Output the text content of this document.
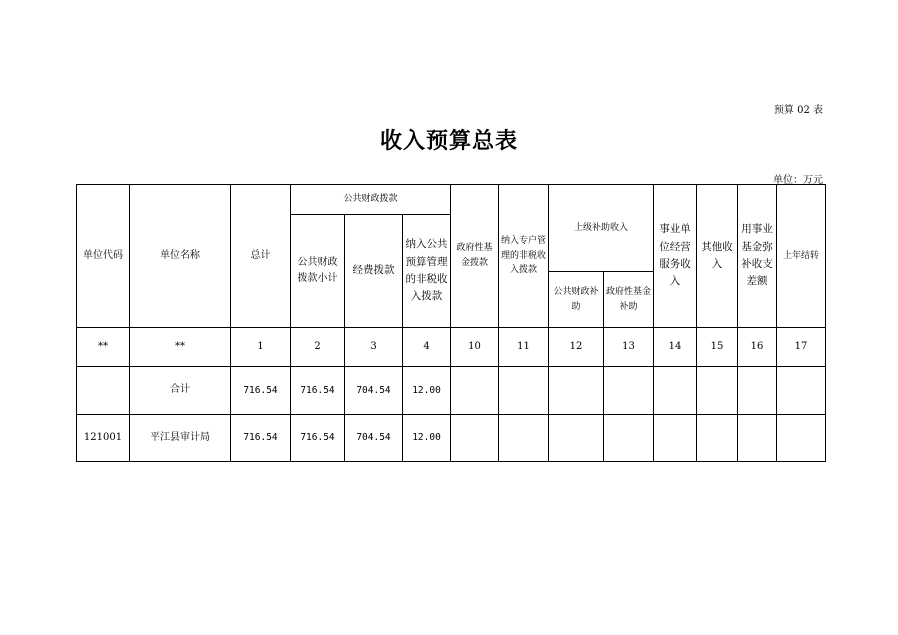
预算 02 表
收入预算总表
单位：万元
单位代码	单位名称	总计	公共财政拨款			政府性基金拨款	纳入专户管理的非税收入拨款	上级补助收入		事业单位经营服务收入	其他收入	用事业基金弥补收支差额	上年结转
			公共财政拨款小计	经费拨款	纳入公共预算管理的非税收入拨款								
								公共财政补助	政府性基金补助				
**	**	1	2	3	4	10	11	12	13	14	15	16	17
	合计	716.54	716.54	704.54	12.00								
121001	平江县审计局	716.54	716.54	704.54	12.00								
